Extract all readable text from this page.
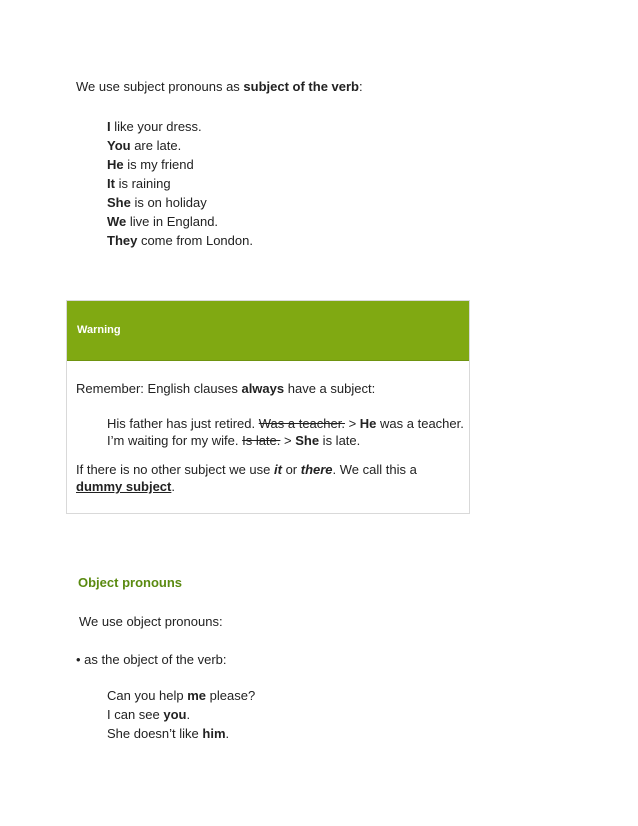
We use subject pronouns as subject of the verb:
I like your dress.
You are late.
He is my friend
It is raining
She is on holiday
We live in England.
They come from London.
Warning
Remember: English clauses always have a subject:
His father has just retired. Was a teacher. > He was a teacher.
I’m waiting for my wife. Is late. > She is late.
If there is no other subject we use it or there. We call this a dummy subject.
Object pronouns
We use object pronouns:
• as the object of the verb:
Can you help me please?
I can see you.
She doesn’t like him.
